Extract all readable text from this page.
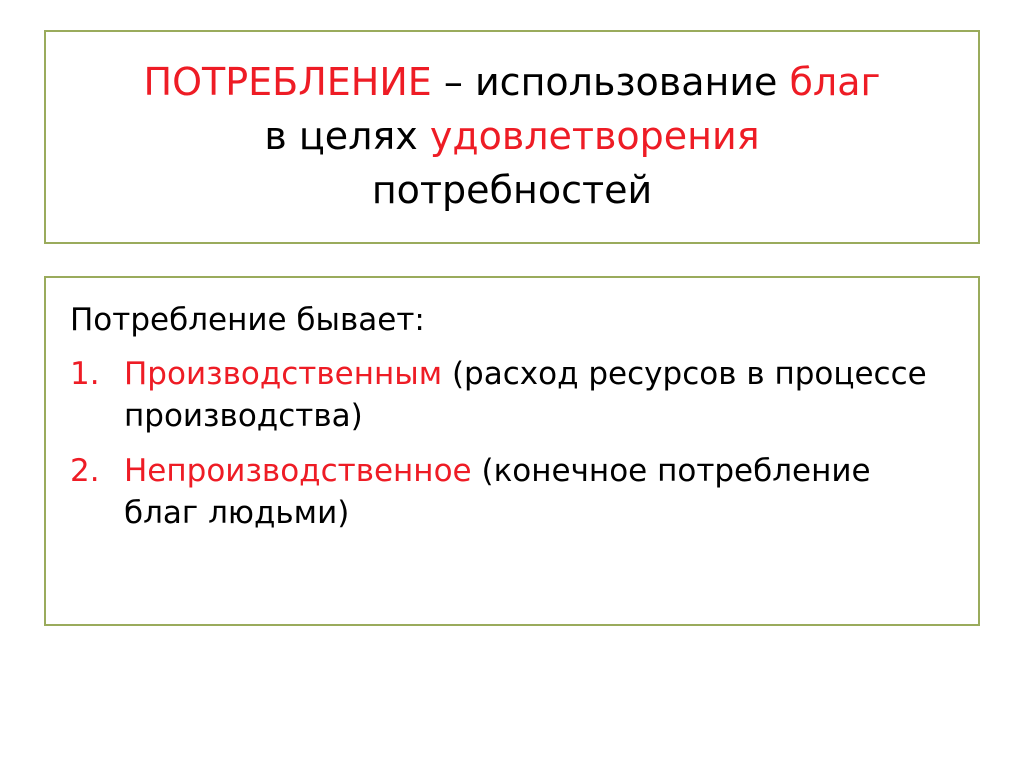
ПОТРЕБЛЕНИЕ – использование благ
в целях удовлетворения
потребностей

Потребление бывает:

1. Производственным (расход ресурсов в процессе производства)
2. Непроизводственное (конечное потребление благ людьми)
